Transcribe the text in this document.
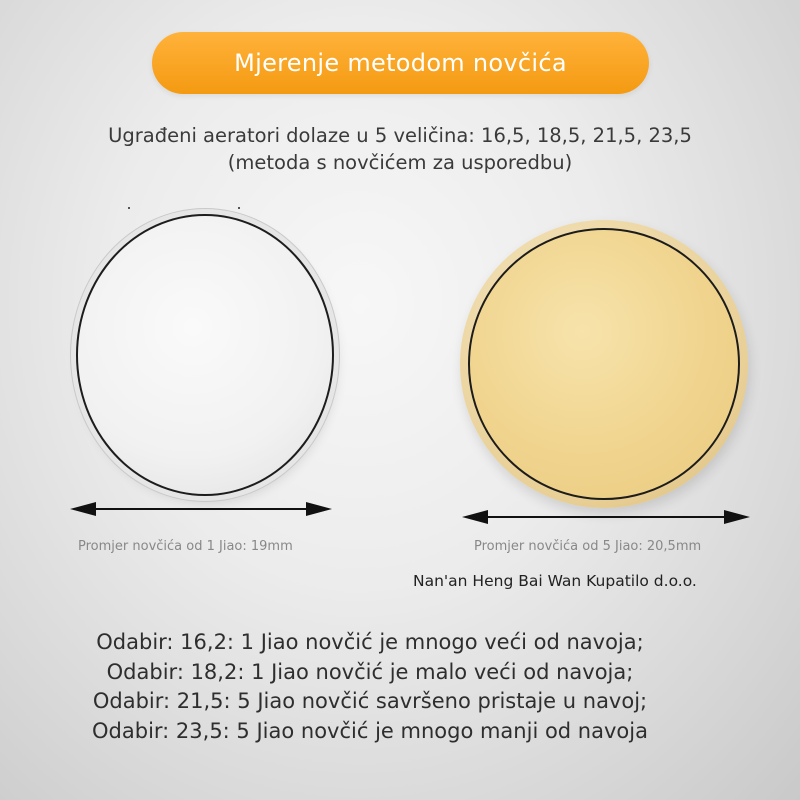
Mjerenje metodom novčića
Ugrađeni aeratori dolaze u 5 veličina: 16,5, 18,5, 21,5, 23,5
(metoda s novčićem za usporedbu)
Promjer novčića od 1 Jiao: 19mm	Promjer novčića od 5 Jiao: 20,5mm
Nan'an Heng Bai Wan Kupatilo d.o.o.
Odabir: 16,2: 1 Jiao novčić je mnogo veći od navoja;
Odabir: 18,2: 1 Jiao novčić je malo veći od navoja;
Odabir: 21,5: 5 Jiao novčić savršeno pristaje u navoj;
Odabir: 23,5: 5 Jiao novčić je mnogo manji od navoja
